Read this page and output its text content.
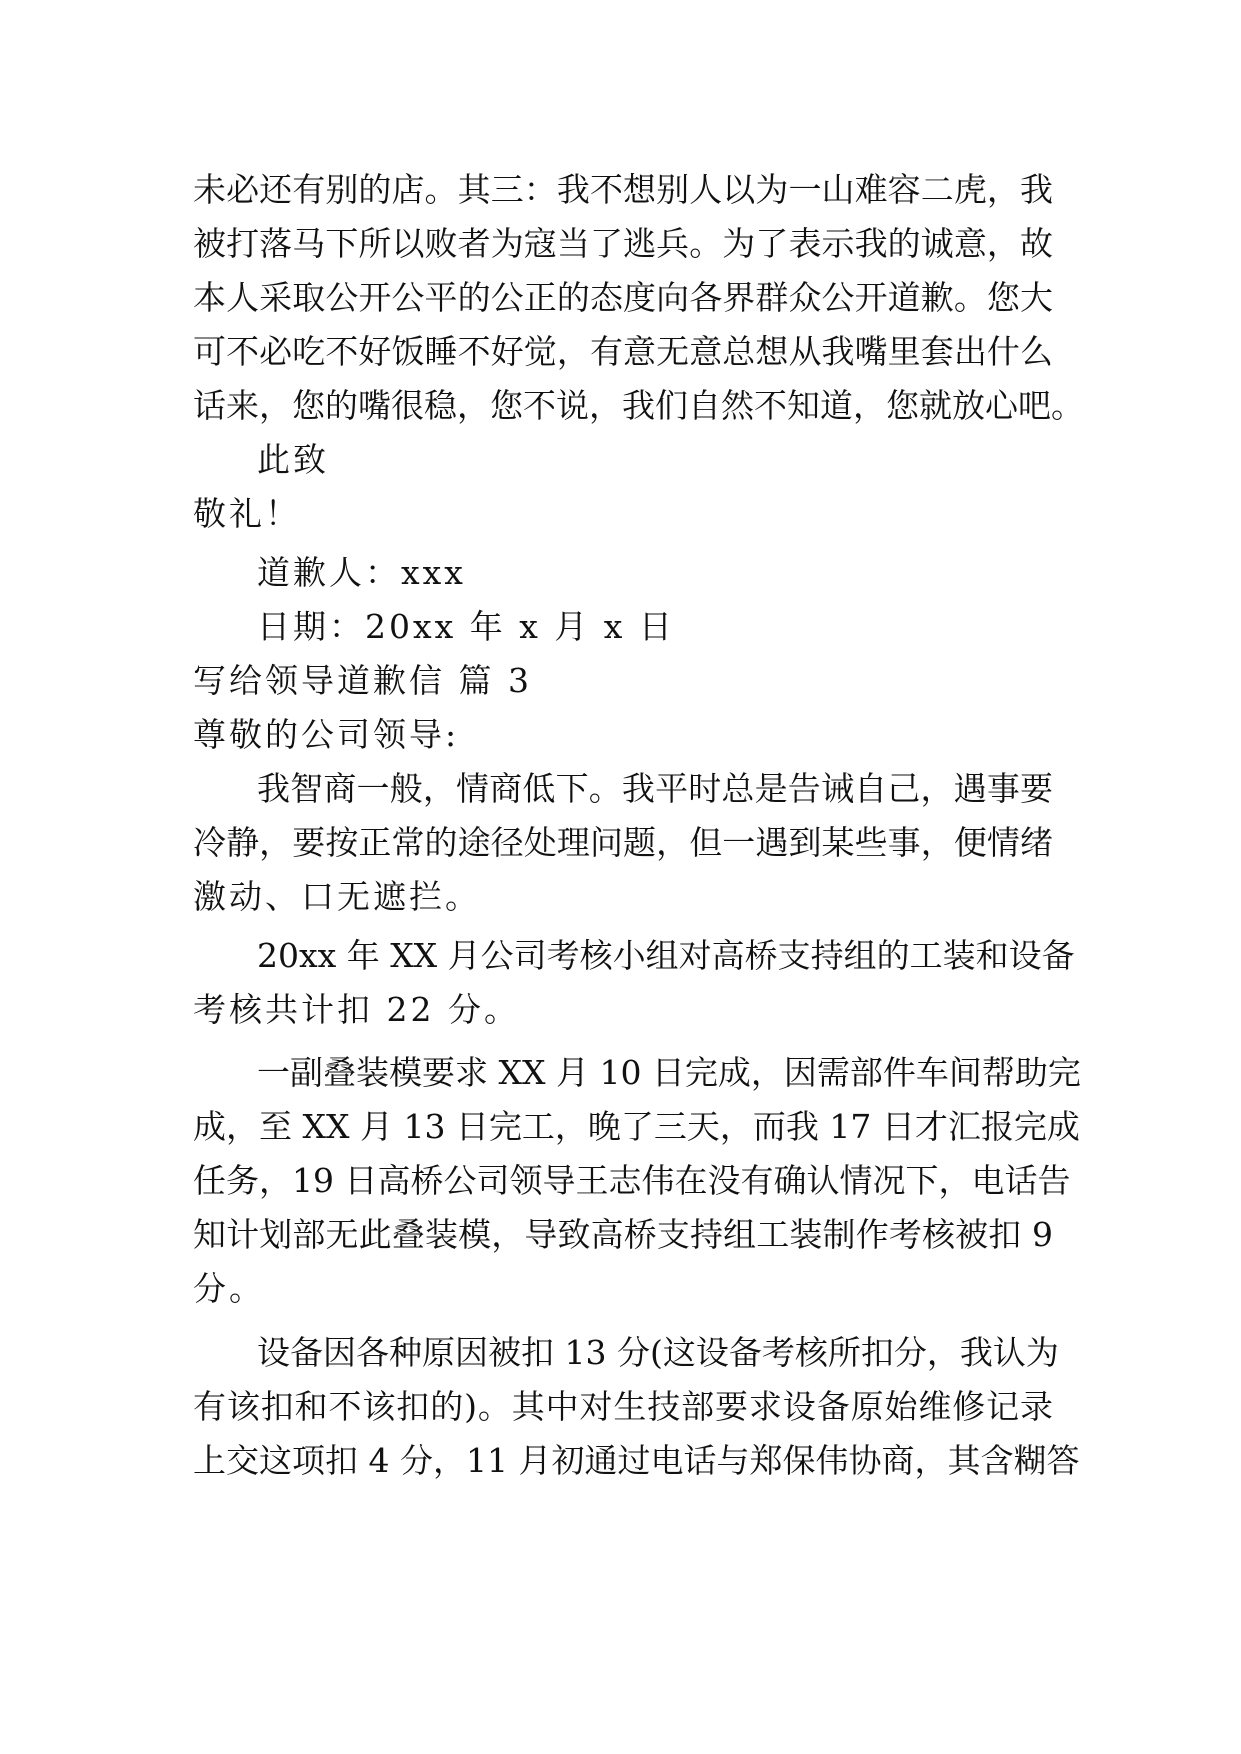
未必还有别的店。其三：我不想别人以为一山难容二虎，我
被打落马下所以败者为寇当了逃兵。为了表示我的诚意，故
本人采取公开公平的公正的态度向各界群众公开道歉。您大
可不必吃不好饭睡不好觉，有意无意总想从我嘴里套出什么
话来，您的嘴很稳，您不说，我们自然不知道，您就放心吧。
此致
敬礼！
道歉人：xxx
日期：20xx 年 x 月 x 日
写给领导道歉信 篇 3
尊敬的公司领导:
我智商一般，情商低下。我平时总是告诫自己，遇事要
冷静，要按正常的途径处理问题，但一遇到某些事，便情绪
激动、口无遮拦。
20xx 年 XX 月公司考核小组对高桥支持组的工装和设备
考核共计扣 22 分。
一副叠装模要求 XX 月 10 日完成，因需部件车间帮助完
成，至 XX 月 13 日完工，晚了三天，而我 17 日才汇报完成
任务，19 日高桥公司领导王志伟在没有确认情况下，电话告
知计划部无此叠装模，导致高桥支持组工装制作考核被扣 9
分。
设备因各种原因被扣 13 分(这设备考核所扣分，我认为
有该扣和不该扣的)。其中对生技部要求设备原始维修记录
上交这项扣 4 分，11 月初通过电话与郑保伟协商，其含糊答
